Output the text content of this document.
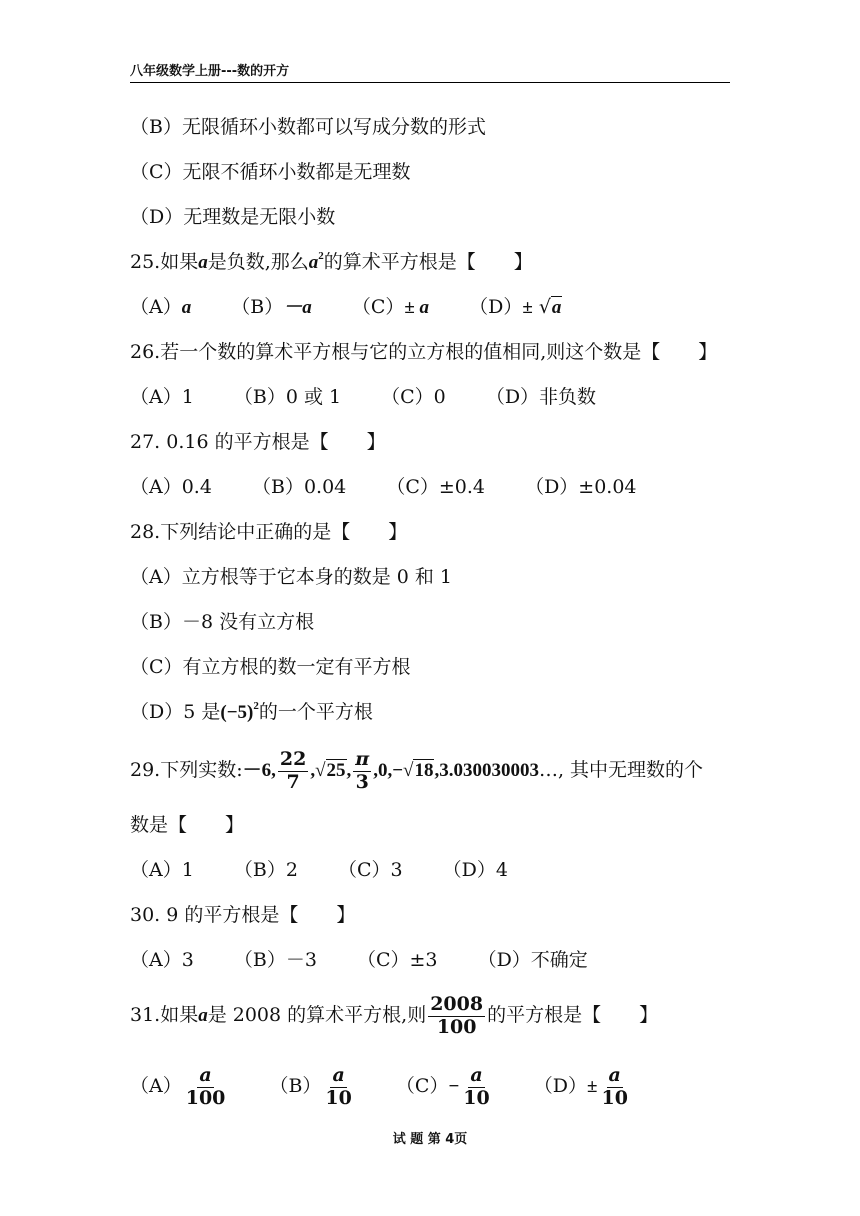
八年级数学上册---数的开方
（B）无限循环小数都可以写成分数的形式
（C）无限不循环小数都是无理数
（D）无理数是无限小数
25.如果a是负数,那么$a^2$的算术平方根是【　　】
（A）a （B）－a （C）± a （D）± √a
26.若一个数的算术平方根与它的立方根的值相同,则这个数是【　　】
（A）1 （B）0 或 1 （C）0 （D）非负数
27. 0.16 的平方根是【　　】
（A）0.4 （B）0.04 （C）±0.4 （D）±0.04
28.下列结论中正确的是【　　】
（A）立方根等于它本身的数是 0 和 1
（B）－8 没有立方根
（C）有立方根的数一定有平方根
（D）5 是$(-5)^2$的一个平方根
29.下列实数:－6, $\frac{22}{7} ,√25$, $\frac{\pi}{3}$ ,0,−√18,3.030030003…, 其中无理数的个
数是【　　】
（A）1 （B）2 （C）3 （D）4
30. 9 的平方根是【　　】
（A）3 （B）－3 （C）±3 （D）不确定
31.如果a是 2008 的算术平方根,则 $\frac{2008}{100}$ 的平方根是【　　】
$(A) \frac{a}{100} (B) \frac{a}{10} (C)- \frac{a}{10} (D)\pm \frac{a}{10}$
试 题 第 4页
